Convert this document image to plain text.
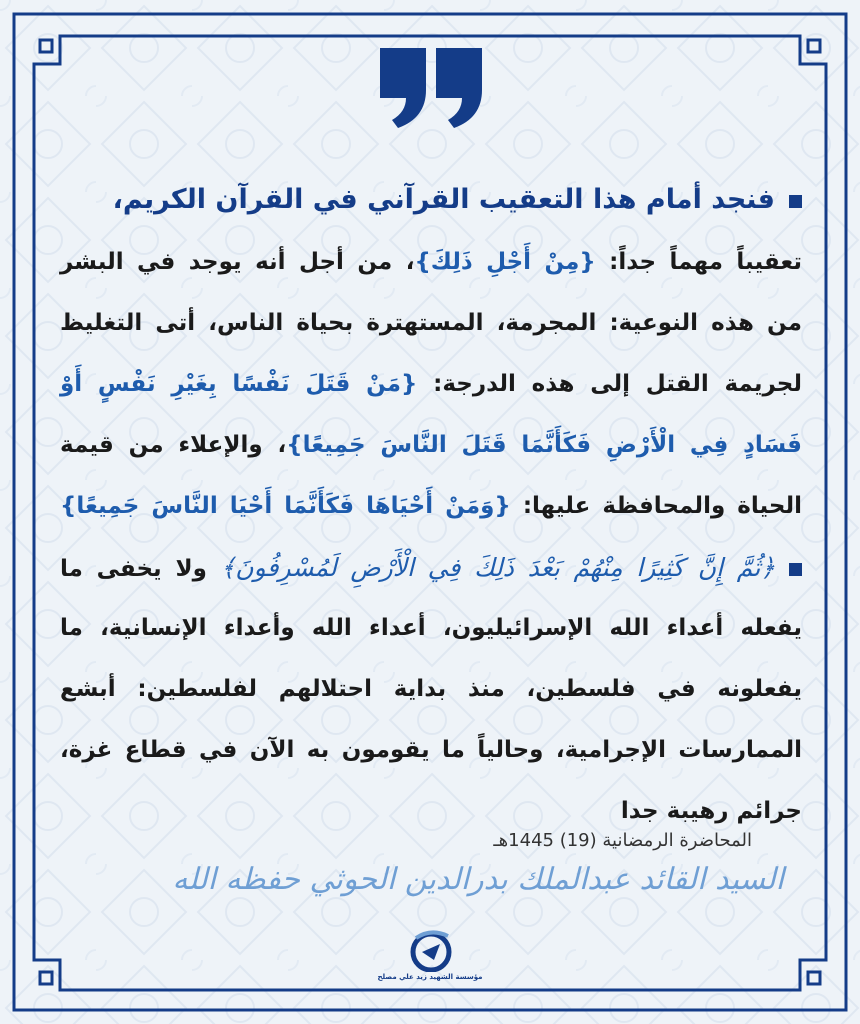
فنجد أمام هذا التعقيب القرآني في القرآن الكريم،
تعقيباً مهماً جداً: {مِنْ أَجْلِ ذَلِكَ}، من أجل أنه يوجد في البشر
من هذه النوعية: المجرمة، المستهترة بحياة الناس، أتى التغليظ
لجريمة القتل إلى هذه الدرجة: {مَنْ قَتَلَ نَفْسًا بِغَيْرِ نَفْسٍ أَوْ
فَسَادٍ فِي الْأَرْضِ فَكَأَنَّمَا قَتَلَ النَّاسَ جَمِيعًا}، والإعلاء من قيمة
الحياة والمحافظة عليها: {وَمَنْ أَحْيَاهَا فَكَأَنَّمَا أَحْيَا النَّاسَ جَمِيعًا}
﴿ثُمَّ إِنَّ كَثِيرًا مِنْهُمْ بَعْدَ ذَلِكَ فِي الْأَرْضِ لَمُسْرِفُونَ﴾ ولا يخفى ما
يفعله أعداء الله الإسرائيليون، أعداء الله وأعداء الإنسانية، ما
يفعلونه في فلسطين، منذ بداية احتلالهم لفلسطين: أبشع
الممارسات الإجرامية، وحالياً ما يقومون به الآن في قطاع غزة،
جرائم رهيبة جدا
المحاضرة الرمضانية (19) 1445هـ
السيد القائد عبدالملك بدرالدين الحوثي حفظه الله
مؤسسة الشهيد زيد علي مصلح
